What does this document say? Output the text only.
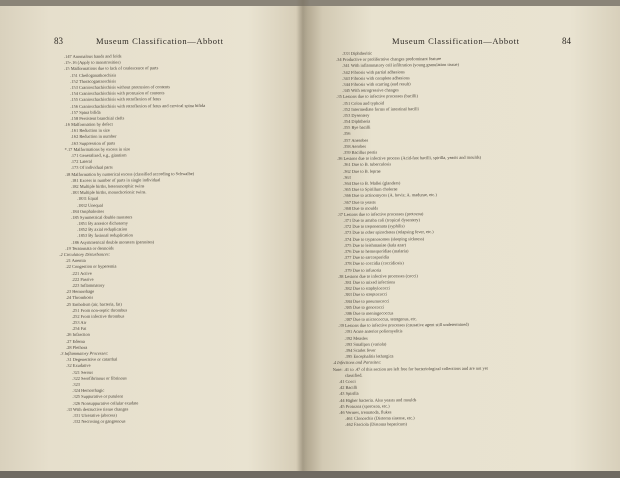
83	Museum Classification—Abbott
.147 Anomalous hands and folds
.15-.16 (Apply to monstrosities)
.15 Malformations due to lack of coalescence of parts
.151 Cheiloganathoschisis
.152 Thoracogastroschisis
.153 Cranioschachischisis without protrusion of contents
.154 Cranioschachischisis with protrusion of contents
.155 Cranioschachischisis with retroflexion of fetus
.156 Cranioschachischisis with retroflexion of fetus and cervical spina bifida
.157 Spina bifida
.158 Persistent branchial clefts
.16 Malformation by defect
.161 Reduction in size
.162 Reduction in number
.163 Suppression of parts
*.17 Malformations by excess in size
.171 Generalized, e.g., giantism
.172 Lateral
.173 Of individual parts
.18 Malformation by numerical excess (classified according to Schwalbe)
.181 Excess in number of parts in single individual
.182 Multiple births, heteromorphic twins
.183 Multiple births, monochorionic twins.
.1831 Equal
.1832 Unequal
.184 Omphalosites
.185 Symmetrical double monsters
.1851 By anterior dichotomy
.1852 By axial reduplication
.1853 By fusional reduplication
.186 Asymmetrical double monsters (parasites)
.19 Teratomata or dermoids
.2 Circulatory Disturbances:
.21 Anemia
.22 Congestion or hyperemia
.221 Active
.222 Passive
.223 Inflammatory
.23 Hemorrhage
.24 Thrombosis
.25 Embolism (air, bacteria, fat)
.251 From non-septic thrombus
.252 From infective thrombus
.253 Air
.254 Fat
.26 Infarction
.27 Edema
.28 Plethora
.3 Inflammatory Processes:
.31 Degenerative or catarrhal
.32 Exudative
.321 Serous
.322 Serofibrinous or fibrinous
.323
.324 Hemorrhagic
.325 Suppurative or purulent
.326 Nonsuppurative cellular exudate
.33 With destructive tissue changes
.331 Ulcerative (abscess)
.332 Necrosing or gangrenous
Museum Classification—Abbott	84
.333 Diphtheritic
.34 Productive or proliferative changes predominant feature
.341 With inflammatory cell infiltration (young granulation tissue)
.342 Fibrosis with partial adhesions
.343 Fibrosis with complete adhesions
.344 Fibrosis with scarring (end result)
.345 With retrogressive changes
.35 Lesions due to infective processes (bacilli)
.351 Colon and typhoid
.352 Intermediate forms of intestinal bacilli
.353 Dysentery
.354 Diphtheria
.355 Rye bacilli
.356
.357 Anerobes
.358 Aerobes
.359 Bacillus pestis
.36 Lesions due to infective process (Acid-fast bacilli, spirilla, yeasts and moulds)
.361 Due to B. tuberculosis
.362 Due to B. leprae
.363
.364 Due to B. Mallei (glanders)
.365 Due to Spirillum cholerae
.366 Due to actinomyces (A. bovis; A. madurae, etc.)
.367 Due to yeasts
.368 Due to moulds
.37 Lesions due to infective processes (protozoa)
.371 Due to amaba coli (tropical dysentery)
.372 Due to treponemata (syphilis)
.373 Due to other spirochetes (relapsing fever, etc.)
.374 Due to trypanosomes (sleeping sickness)
.375 Due to leishmaniae (kala azar)
.376 Due to hemosporidiae (malaria)
.377 Due to sarcosporidia
.378 Due to coccidia (coccidiosis)
.379 Due to infusoria
.38 Lesions due to infective processes (cocci)
.381 Due to mixed infections
.382 Due to staphylococci
.383 Due to streptococci
.384 Due to pneumococci
.385 Due to gonococci
.386 Due to meningococcus
.387 Due to micrococcus, tetragenus, etc.
.39 Lesions due to infective processes (causative agent still undetermined)
.391 Acute anterior poliomyelitis
.392 Measles
.393 Smallpox (variola)
.394 Scarlet fever
.395 Encephalitis lethargica
.4 Infections and Parasites:
Note: .41 to .47 of this section are left free for bacteriological collections and are not yet
classified.
.41 Cocci
.42 Bacilli
.43 Spirilla
.44 Higher bacteria. Also yeasts and moulds
.45 Protozoa (sporozoa, etc.)
.46 Vermes, trematoda, flukes
.461 Clonorchis (Distoma sinense, etc.)
.462 Fasciola (Distoma hepaticum)
